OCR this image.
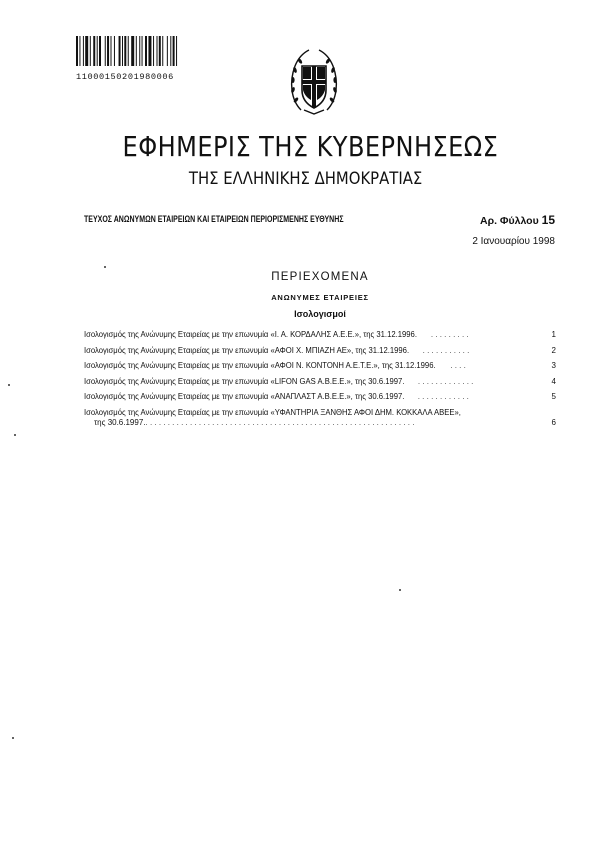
11000150201980006
ΕΦΗΜΕΡΙΣ ΤΗΣ ΚΥΒΕΡΝΗΣΕΩΣ
ΤΗΣ ΕΛΛΗΝΙΚΗΣ ΔΗΜΟΚΡΑΤΙΑΣ
ΤΕΥΧΟΣ ΑΝΩΝΥΜΩΝ ΕΤΑΙΡΕΙΩΝ ΚΑΙ ΕΤΑΙΡΕΙΩΝ ΠΕΡΙΟΡΙΣΜΕΝΗΣ ΕΥΘΥΝΗΣ	Αρ. Φύλλου 15
2 Ιανουαρίου 1998
ΠΕΡΙΕΧΟΜΕΝΑ
ΑΝΩΝΥΜΕΣ ΕΤΑΙΡΕΙΕΣ
Ισολογισμοί
Ισολογισμός της Ανώνυμης Εταιρείας με την επωνυμία «Ι. Α. ΚΟΡΔΑΛΗΣ Α.Ε.Ε.», της 31.12.1996. . . . . . . . . .	1
Ισολογισμός της Ανώνυμης Εταιρείας με την επωνυμία «ΑΦΟΙ Χ. ΜΠΙΑΖΗ ΑΕ», της 31.12.1996. . . . . . . . . . . .	2
Ισολογισμός της Ανώνυμης Εταιρείας με την επωνυμία «ΑΦΟΙ Ν. ΚΟΝΤΟΝΗ Α.Ε.Τ.Ε.», της 31.12.1996. . . . .	3
Ισολογισμός της Ανώνυμης Εταιρείας με την επωνυμία «LIFON GAS A.B.E.E.», της 30.6.1997. . . . . . . . . . . . . .	4
Ισολογισμός της Ανώνυμης Εταιρείας με την επωνυμία «ΑΝΑΠΛΑΣΤ Α.Β.Ε.Ε.», της 30.6.1997. . . . . . . . . . . . .	5
Ισολογισμός της Ανώνυμης Εταιρείας με την επωνυμία «ΥΦΑΝΤΗΡΙΑ ΞΑΝΘΗΣ ΑΦΟΙ ΔΗΜ. ΚΟΚΚΑΛΑ ΑΒΕΕ»,
της 30.6.1997. . . . . . . . . . . . . . . . . . . . . . . . . . . . . . . . . . . . . . . . . . . . . . . . . . . . . . . . . . . . . .	6
